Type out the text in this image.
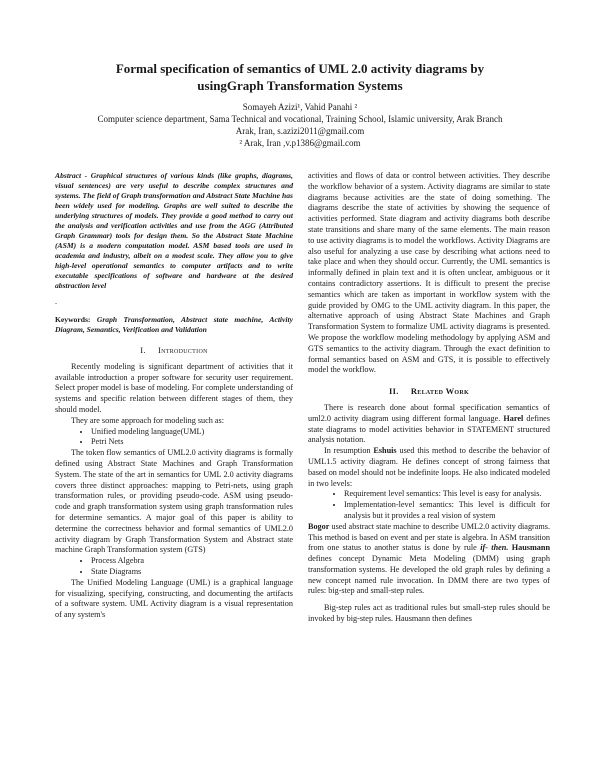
Formal specification of semantics of UML 2.0 activity diagrams by
usingGraph Transformation Systems
Somayeh Azizi¹, Vahid Panahi ²
Computer science department, Sama Technical and vocational, Training School, Islamic university, Arak Branch
Arak, Iran, s.azizi2011@gmail.com
² Arak, Iran ,v.p1386@gmail.com

Abstract - Graphical structures of various kinds (like graphs, diagrams, visual sentences) are very useful to describe complex structures and systems. The field of Graph transformation and Abstract State Machine has been widely used for modeling. Graphs are well suited to describe the underlying structures of models. They provide a good method to carry out the analysis and verification activities and use from the AGG (Attributed Graph Grammar) tools for design them. So the Abstract State Machine (ASM) is a modern computation model. ASM based tools are used in academia and industry, albeit on a modest scale. They allow you to give high-level operational semantics to computer artifacts and to write executable specifications of software and hardware at the desired abstraction level

.

Keywords: Graph Transformation, Abstract state machine, Activity Diagram, Semantics, Verification and Validation

I. Introduction

Recently modeling is significant department of activities that it available introduction a proper software for security user requirement. Select proper model is base of modeling. For complete understanding of systems and specific relation between different stages of them, they should model.

They are some approach for modeling such as:

• Unified modeling language(UML)
• Petri Nets

The token flow semantics of UML2.0 activity diagrams is formally defined using Abstract State Machines and Graph Transformation System. The state of the art in semantics for UML 2.0 activity diagrams covers three distinct approaches: mapping to Petri-nets, using graph transformation rules, or providing pseudo-code. ASM using pseudo- code and graph transformation system using graph transformation rules for determine semantics. A major goal of this paper is ability to determine the correctness behavior and formal semantics of UML2.0 activity diagram by Graph Transformation System and Abstract state machine Graph Transformation system (GTS)

• Process Algebra
• State Diagrams

The Unified Modeling Language (UML) is a graphical language for visualizing, specifying, constructing, and documenting the artifacts of a software system. UML Activity diagram is a visual representation of any system's

activities and flows of data or control between activities. They describe the workflow behavior of a system. Activity diagrams are similar to state diagrams because activities are the state of doing something. The diagrams describe the state of activities by showing the sequence of activities performed. State diagram and activity diagrams both describe state transitions and share many of the same elements. The main reason to use activity diagrams is to model the workflows. Activity Diagrams are also useful for analyzing a use case by describing what actions need to take place and when they should occur. Currently, the UML semantics is informally defined in plain text and it is often unclear, ambiguous or it contains contradictory assertions. It is difficult to present the precise semantics which are taken as important in workflow system with the guide provided by OMG to the UML activity diagram. In this paper, the alternative approach of using Abstract State Machines and Graph Transformation System to formalize UML activity diagrams is presented. We propose the workflow modeling methodology by applying ASM and GTS semantics to the activity diagram. Through the exact definition to formal semantics based on ASM and GTS, it is possible to effectively model the workflow.

II. Related Work

There is research done about formal specification semantics of uml2.0 activity diagram using different formal language. Harel defines state diagrams to model activities behavior in STATEMENT structured analysis notation.

In resumption Eshuis used this method to describe the behavior of UML1.5 activity diagram. He defines concept of strong fairness that based on model should not be indefinite loops. He also indicated modeled in two levels:

• Requirement level semantics: This level is easy for analysis.
• Implementation-level semantics: This level is difficult for analysis but it provides a real vision of system

Bogor used abstract state machine to describe UML2.0 activity diagrams. This method is based on event and per state is algebra. In ASM transition from one status to another status is done by rule if- then. Hausmann defines concept Dynamic Meta Modeling (DMM) using graph transformation systems. He developed the old graph rules by defining a new concept named rule invocation. In DMM there are two types of rules: big-step and small-step rules.

Big-step rules act as traditional rules but small-step rules should be invoked by big-step rules. Hausmann then defines
